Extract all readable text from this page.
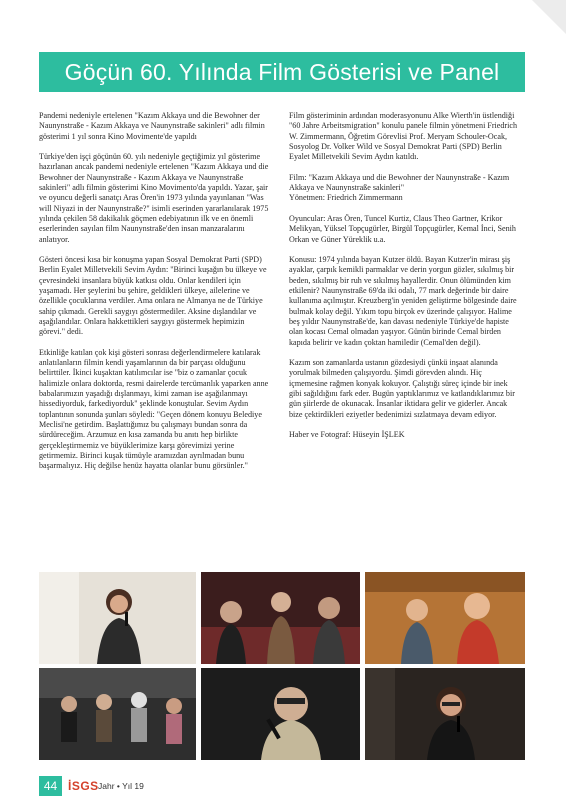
Göçün 60. Yılında Film Gösterisi ve Panel

Pandemi nedeniyle ertelenen "Kazım Akkaya und die Bewohner der Naunynstraße - Kazım Akkaya ve Naunynstraße sakinleri" adlı filmin gösterimi 1 yıl sonra Kino Movimente'de yapıldı

Türkiye'den işçi göçünün 60. yılı nedeniyle geçtiğimiz yıl gösterime hazırlanan ancak pandemi nedeniyle ertelenen "Kazım Akkaya und die Bewohner der Naunynstraße - Kazım Akkaya ve Naunynstraße sakinleri" adlı filmin gösterimi Kino Movimento'da yapıldı. Yazar, şair ve oyuncu değerli sanatçı Aras Ören'in 1973 yılında yayınlanan "Was will Niyazi in der Naunynstraße?" isimli eserinden yararlanılarak 1975 yılında çekilen 58 dakikalık göçmen edebiyatının ilk ve en önemli eserlerinden sayılan film Naunynstraße'den insan manzaralarını anlatıyor.

Gösteri öncesi kısa bir konuşma yapan Sosyal Demokrat Parti (SPD) Berlin Eyalet Milletvekili Sevim Aydın: "Birinci kuşağın bu ülkeye ve çevresindeki insanlara büyük katkısı oldu. Onlar kendileri için yaşamadı. Her şeylerini bu şehire, geldikleri ülkeye, ailelerine ve özellikle çocuklarına verdiler. Ama onlara ne Almanya ne de Türkiye sahip çıkmadı. Gerekli saygıyı göstermediler. Aksine dışlandılar ve aşağılandılar. Onlara hakkettikleri saygıyı göstermek hepimizin görevi." dedi.

Etkinliğe katılan çok kişi gösteri sonrası değerlendirmelere katılarak anlatılanların filmin kendi yaşamlarının da bir parçası olduğunu belirttiler. İkinci kuşaktan katılımcılar ise "biz o zamanlar çocuk halimizle onlara doktorda, resmi dairelerde tercümanlık yaparken anne babalarımızın yaşadığı dışlanmayı, kimi zaman ise aşağılanmayı hissediyorduk, farkediyorduk" şeklinde konuştular. Sevim Aydın toplantının sonunda şunları söyledi: "Geçen dönem konuyu Belediye Meclisi'ne getirdim. Başlattığımız bu çalışmayı bundan sonra da sürdüreceğim. Arzumuz en kısa zamanda bu anıtı hep birlikte gerçekleştirmemiz ve büyüklerimize karşı görevimizi yerine getirmemiz. Birinci kuşak tümüyle aramızdan ayrılmadan bunu başarmalıyız. Hiç değilse henüz hayatta olanlar bunu görsünler."

Film gösteriminin ardından moderasyonunu Alke Wierth'in üstlendiği "60 Jahre Arbeitsmigration" konulu panele filmin yönetmeni Friedrich W. Zimmermann, Öğretim Görevlisi Prof. Meryam Schouler-Ocak, Sosyolog Dr. Volker Wild ve Sosyal Demokrat Parti (SPD) Berlin Eyalet Milletvekili Sevim Aydın katıldı.

Film: "Kazım Akkaya und die Bewohner der Naunynstraße - Kazım Akkaya ve Naunynstraße sakinleri"
Yönetmen: Friedrich Zimmermann

Oyuncular: Aras Ören, Tuncel Kurtiz, Claus Theo Gartner, Krikor Melikyan, Yüksel Topçugürler, Birgül Topçugürler, Kemal İnci, Senih Orkan ve Güner Yüreklik u.a.

Konusu: 1974 yılında bayan Kutzer öldü. Bayan Kutzer'in mirası şiş ayaklar, çarpık kemikli parmaklar ve derin yorgun gözler, sıkılmış bir beden, sıkılmış bir ruh ve sıkılmış hayallerdir. Onun ölümünden kim etkilenir? Naunynstraße 69'da iki odalı, 77 mark değerinde bir daire kullanıma açılmıştır. Kreuzberg'in yeniden geliştirme bölgesinde daire bulmak kolay değil. Yıkım topu birçok ev üzerinde çalışıyor. Halime beş yıldır Naunynstraße'de, kan davası nedeniyle Türkiye'de hapiste olan kocası Cemal olmadan yaşıyor. Günün birinde Cemal birden kapıda belirir ve kadın çoktan hamiledir (Cemal'den değil).

Kazım son zamanlarda ustanın gözdesiydi çünkü inşaat alanında yorulmak bilmeden çalışıyordu. Şimdi görevden alındı. Hiç içmemesine rağmen konyak kokuyor. Çalıştığı süreç içinde bir inek gibi sağıldığını fark eder. Bugün yaptıklarımız ve katlandıklarımız bir gün şiirlerde de okunacak. İnsanlar iktidara gelir ve giderler. Ancak bize çektirdikleri eziyetler bedenimizi sızlatmaya devam ediyor.

Haber ve Fotograf: Hüseyin İŞLEK

44 İSGS Jahr • Yıl 19
